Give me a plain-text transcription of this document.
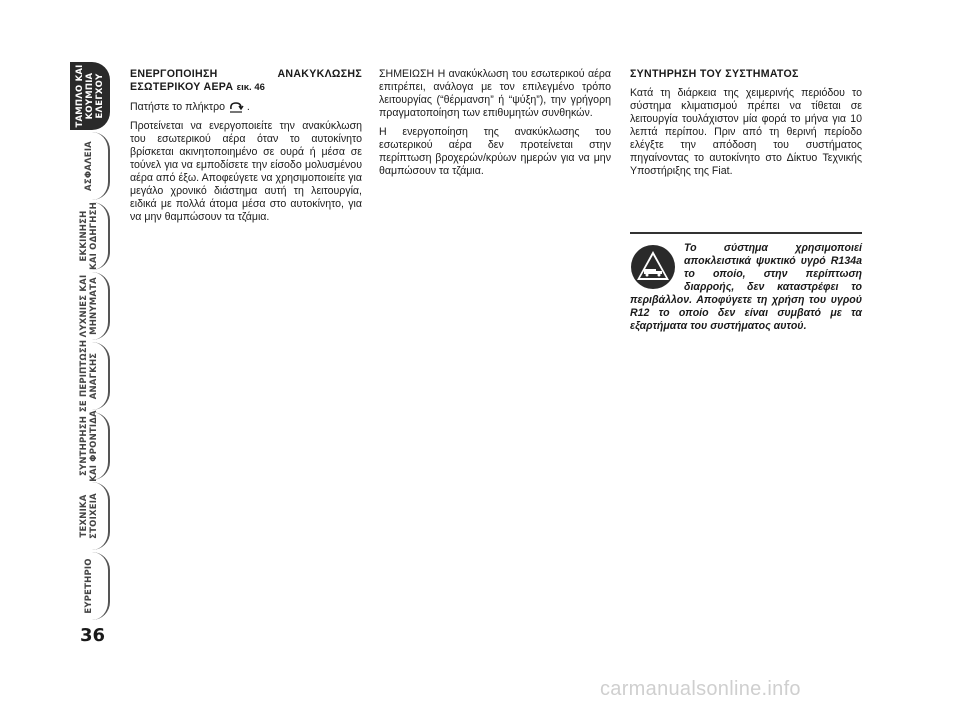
ΤΑΜΠΛΟ ΚΑΙ
ΚΟΥΜΠΙΑ
ΕΛΕΓΧΟΥ
ΑΣΦΑΛΕΙΑ
ΕΚΚΙΝΗΣΗ
ΚΑΙ ΟΔΗΓΗΣΗ
ΛΥΧΝΙΕΣ ΚΑΙ
ΜΗΝΥΜΑΤΑ
ΣΕ ΠΕΡΙΠΤΩΣΗ
ΑΝΑΓΚΗΣ
ΣΥΝΤΗΡΗΣΗ
ΚΑΙ ΦΡΟΝΤΙΔΑ
ΤΕΧΝΙΚΑ
ΣΤΟΙΧΕΙΑ
ΕΥΡΕΤΗΡΙΟ
36
ΕΝΕΡΓΟΠΟΙΗΣΗ ΑΝΑΚΥΚΛΩΣΗΣ ΕΣΩΤΕΡΙΚΟΥ ΑΕΡΑ εικ. 46

Πατήστε το πλήκτρο .

Προτείνεται να ενεργοποιείτε την ανακύκλωση του εσωτερικού αέρα όταν το αυτοκίνητο βρίσκεται ακινητοποιημένο σε ουρά ή μέσα σε τούνελ για να εμποδίσετε την είσοδο μολυσμένου αέρα από έξω. Αποφεύγετε να χρησιμοποιείτε για μεγάλο χρονικό διάστημα αυτή τη λειτουργία, ειδικά με πολλά άτομα μέσα στο αυτοκίνητο, για να μην θαμπώσουν τα τζάμια.

ΣΗΜΕΙΩΣΗ Η ανακύκλωση του εσωτερικού αέρα επιτρέπει, ανάλογα με τον επιλεγμένο τρόπο λειτουργίας (“θέρμανση” ή “ψύξη”), την γρήγορη πραγματοποίηση των επιθυμητών συνθηκών.

Η ενεργοποίηση της ανακύκλωσης του εσωτερικού αέρα δεν προτείνεται στην περίπτωση βροχερών/κρύων ημερών για να μην θαμπώσουν τα τζάμια.

ΣΥΝΤΗΡΗΣΗ ΤΟΥ ΣΥΣΤΗΜΑΤΟΣ

Κατά τη διάρκεια της χειμερινής περιόδου το σύστημα κλιματισμού πρέπει να τίθεται σε λειτουργία τουλάχιστον μία φορά το μήνα για 10 λεπτά περίπου. Πριν από τη θερινή περίοδο ελέγξτε την απόδοση του συστήματος πηγαίνοντας το αυτοκίνητο στο Δίκτυο Τεχνικής Υποστήριξης της Fiat.

Το σύστημα χρησιμοποιεί αποκλειστικά ψυκτικό υγρό R134a το οποίο, στην περίπτωση διαρροής, δεν καταστρέφει το περιβάλλον. Αποφύγετε τη χρήση του υγρού R12 το οποίο δεν είναι συμβατό με τα εξαρτήματα του συστήματος αυτού.
carmanualsonline.info
